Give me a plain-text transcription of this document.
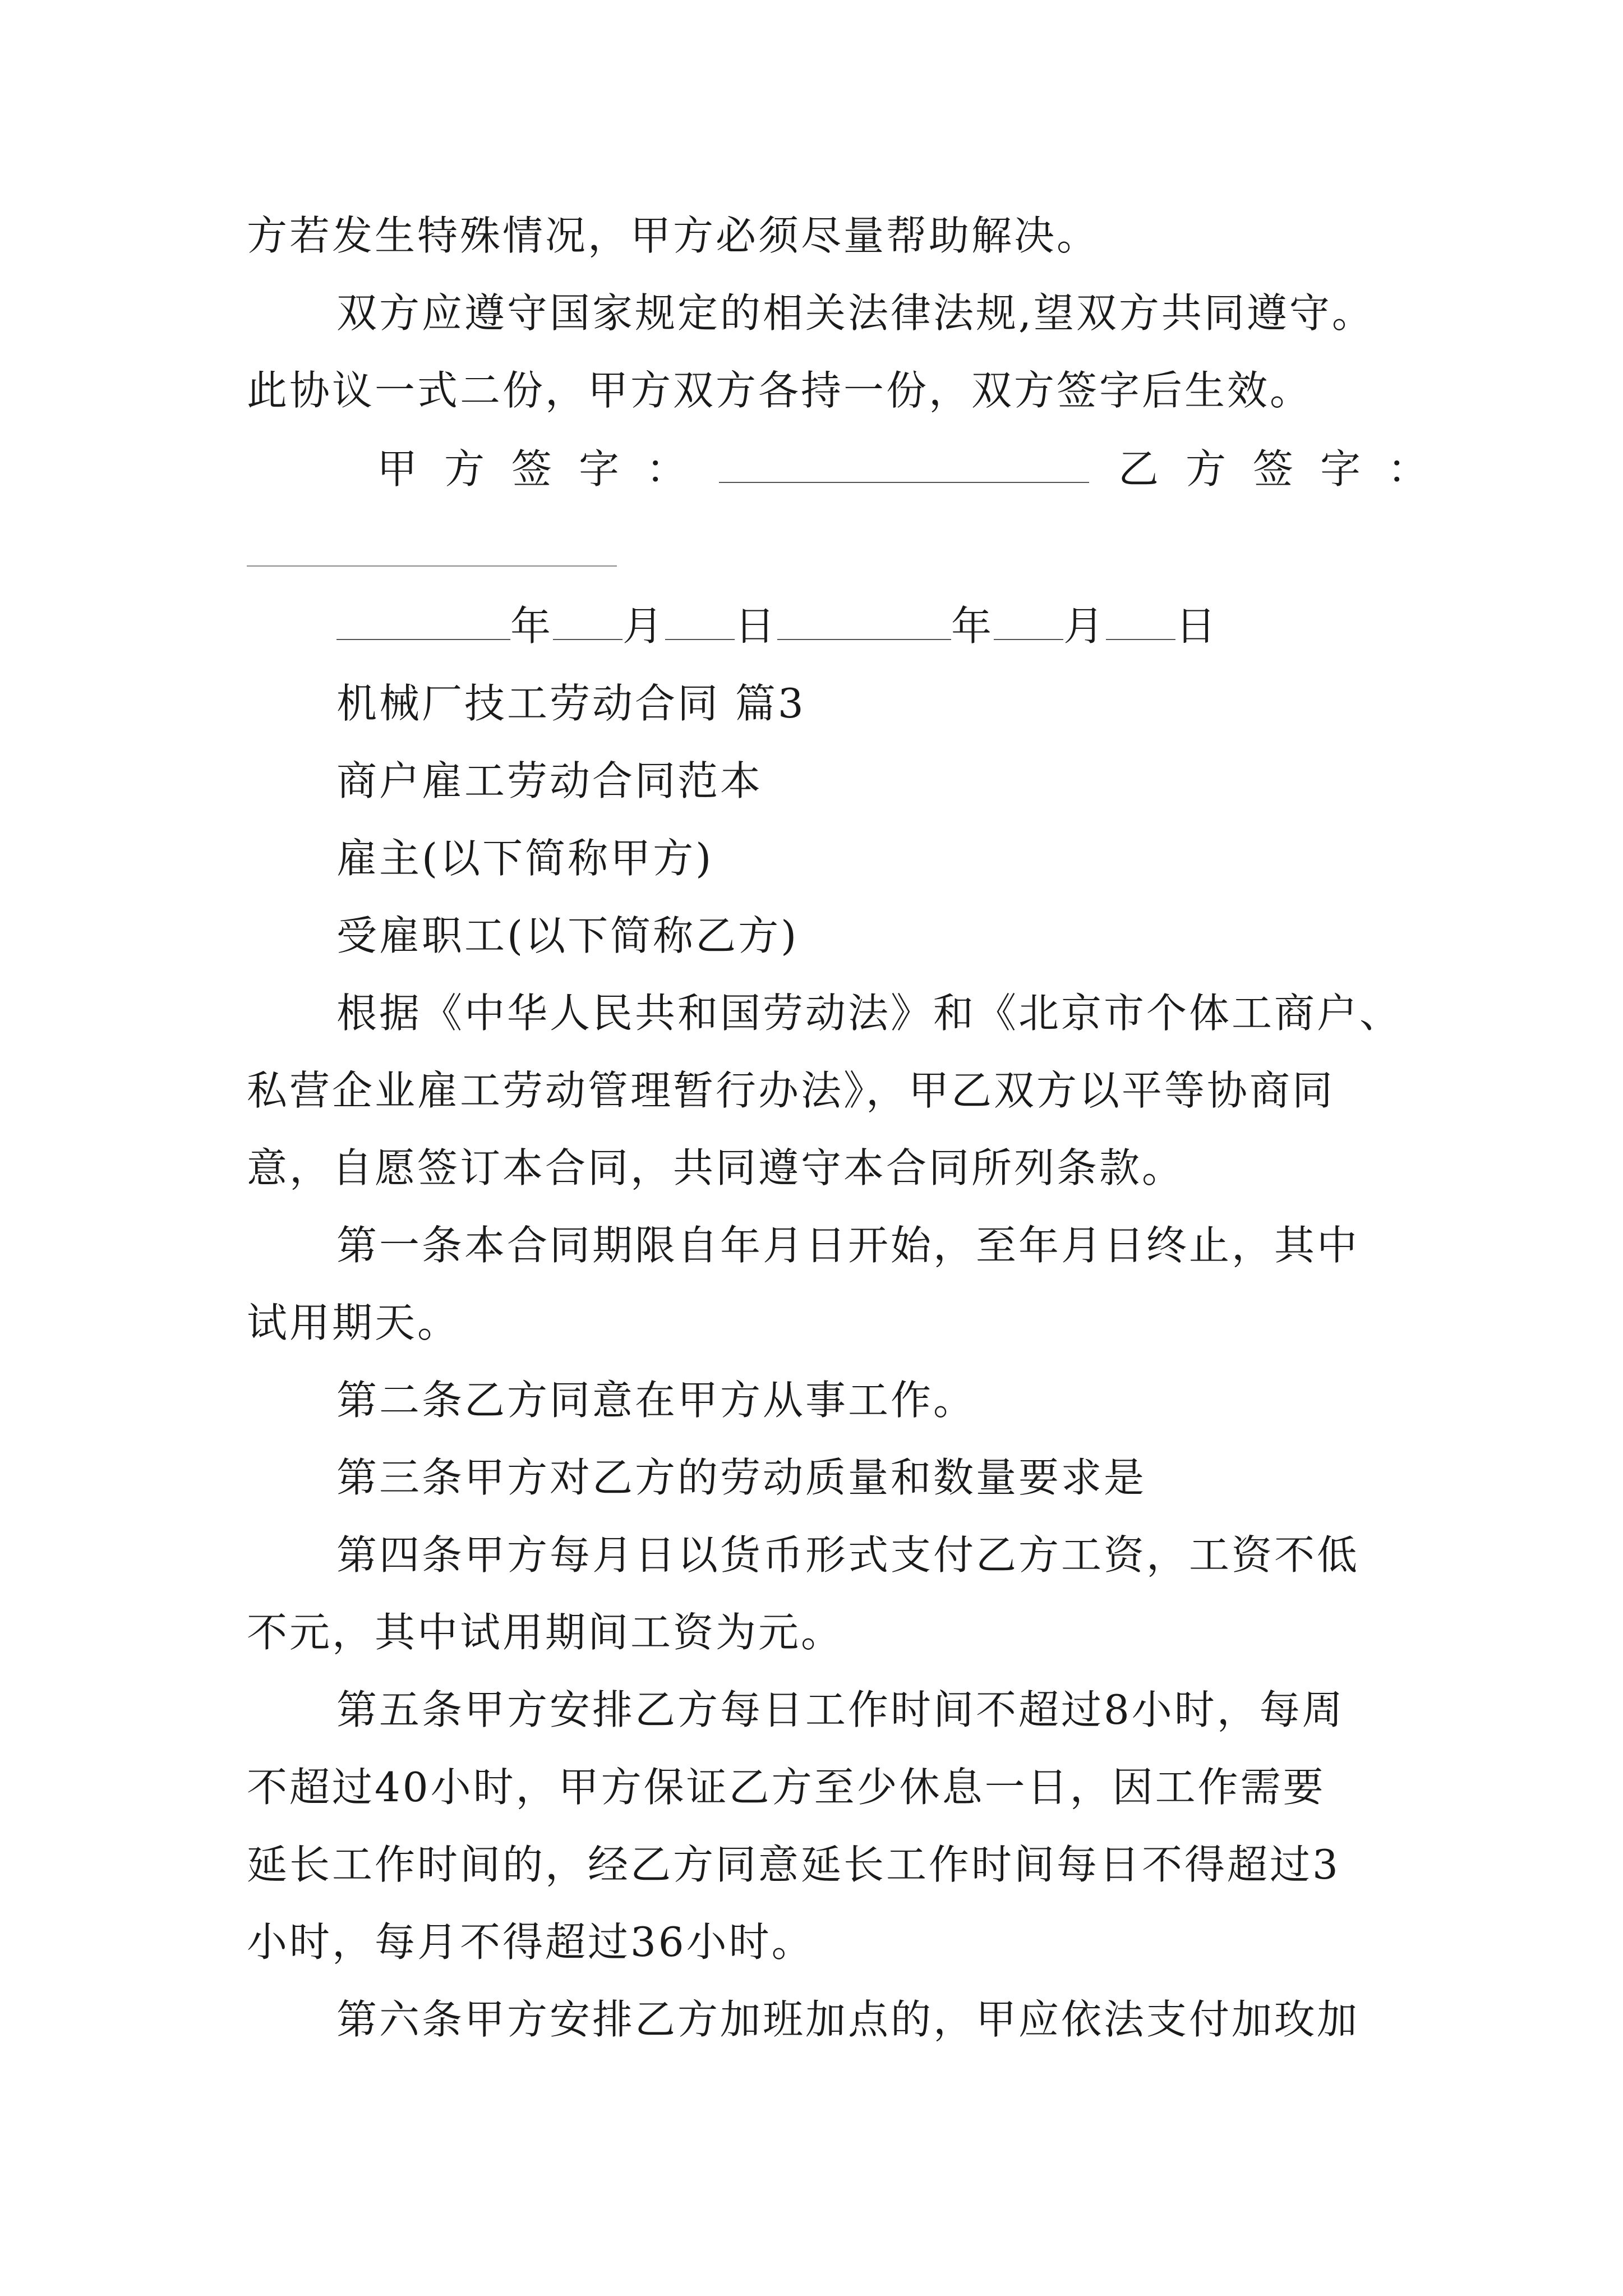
方若发生特殊情况，甲方必须尽量帮助解决。
双方应遵守国家规定的相关法律法规,望双方共同遵守。
此协议一式二份，甲方双方各持一份，双方签字后生效。
甲方签字：	乙方签字：
年 月 日	年 月 日
机械厂技工劳动合同 篇3
商户雇工劳动合同范本
雇主(以下简称甲方)
受雇职工(以下简称乙方)
根据《中华人民共和国劳动法》和《北京市个体工商户、
私营企业雇工劳动管理暂行办法》，甲乙双方以平等协商同
意，自愿签订本合同，共同遵守本合同所列条款。
第一条本合同期限自年月日开始，至年月日终止，其中
试用期天。
第二条乙方同意在甲方从事工作。
第三条甲方对乙方的劳动质量和数量要求是
第四条甲方每月日以货币形式支付乙方工资，工资不低
不元，其中试用期间工资为元。
第五条甲方安排乙方每日工作时间不超过8小时，每周
不超过40小时，甲方保证乙方至少休息一日，因工作需要
延长工作时间的，经乙方同意延长工作时间每日不得超过3
小时，每月不得超过36小时。
第六条甲方安排乙方加班加点的，甲应依法支付加玫加
